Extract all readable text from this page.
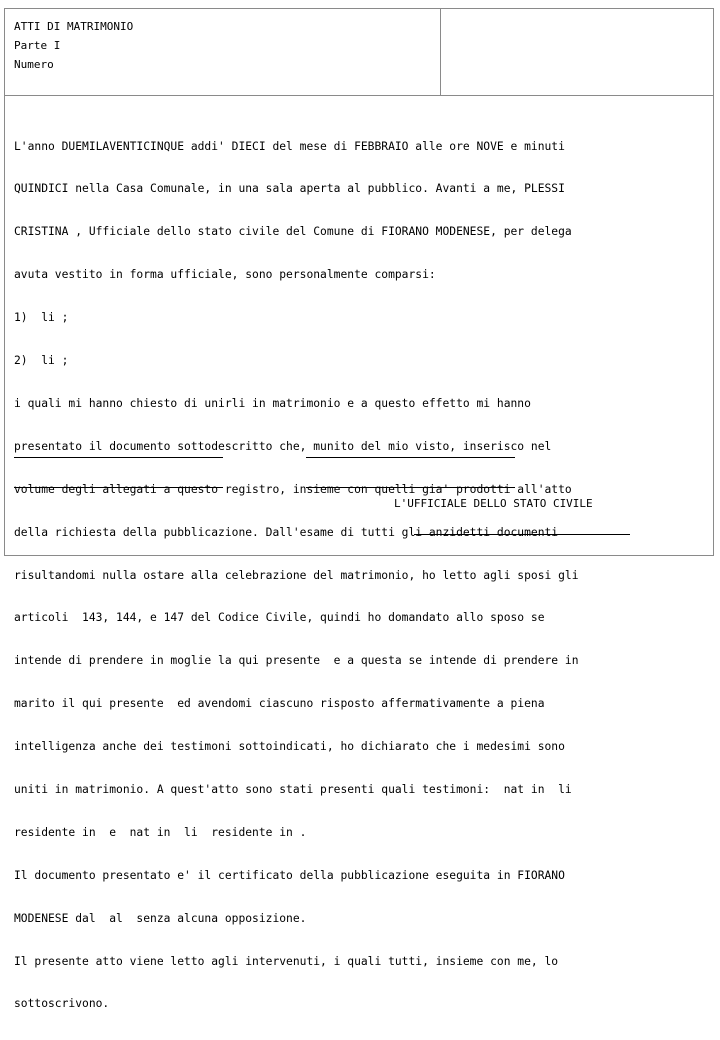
ATTI DI MATRIMONIO
Parte I
Numero

L'anno DUEMILAVENTICINQUE addi' DIECI del mese di FEBBRAIO alle ore NOVE e minuti

QUINDICI nella Casa Comunale, in una sala aperta al pubblico. Avanti a me, PLESSI

CRISTINA , Ufficiale dello stato civile del Comune di FIORANO MODENESE, per delega

avuta vestito in forma ufficiale, sono personalmente comparsi:

1)  li ;

2)  li ;

i quali mi hanno chiesto di unirli in matrimonio e a questo effetto mi hanno

presentato il documento sottodescritto che, munito del mio visto, inserisco nel

volume degli allegati a questo registro, insieme con quelli gia' prodotti all'atto

della richiesta della pubblicazione. Dall'esame di tutti gli anzidetti documenti

risultandomi nulla ostare alla celebrazione del matrimonio, ho letto agli sposi gli

articoli  143, 144, e 147 del Codice Civile, quindi ho domandato allo sposo se

intende di prendere in moglie la qui presente  e a questa se intende di prendere in

marito il qui presente  ed avendomi ciascuno risposto affermativamente a piena

intelligenza anche dei testimoni sottoindicati, ho dichiarato che i medesimi sono

uniti in matrimonio. A quest'atto sono stati presenti quali testimoni:  nat in  li

residente in  e  nat in  li  residente in .

Il documento presentato e' il certificato della pubblicazione eseguita in FIORANO

MODENESE dal  al  senza alcuna opposizione.

Il presente atto viene letto agli intervenuti, i quali tutti, insieme con me, lo

sottoscrivono.

L'UFFICIALE DELLO STATO CIVILE
